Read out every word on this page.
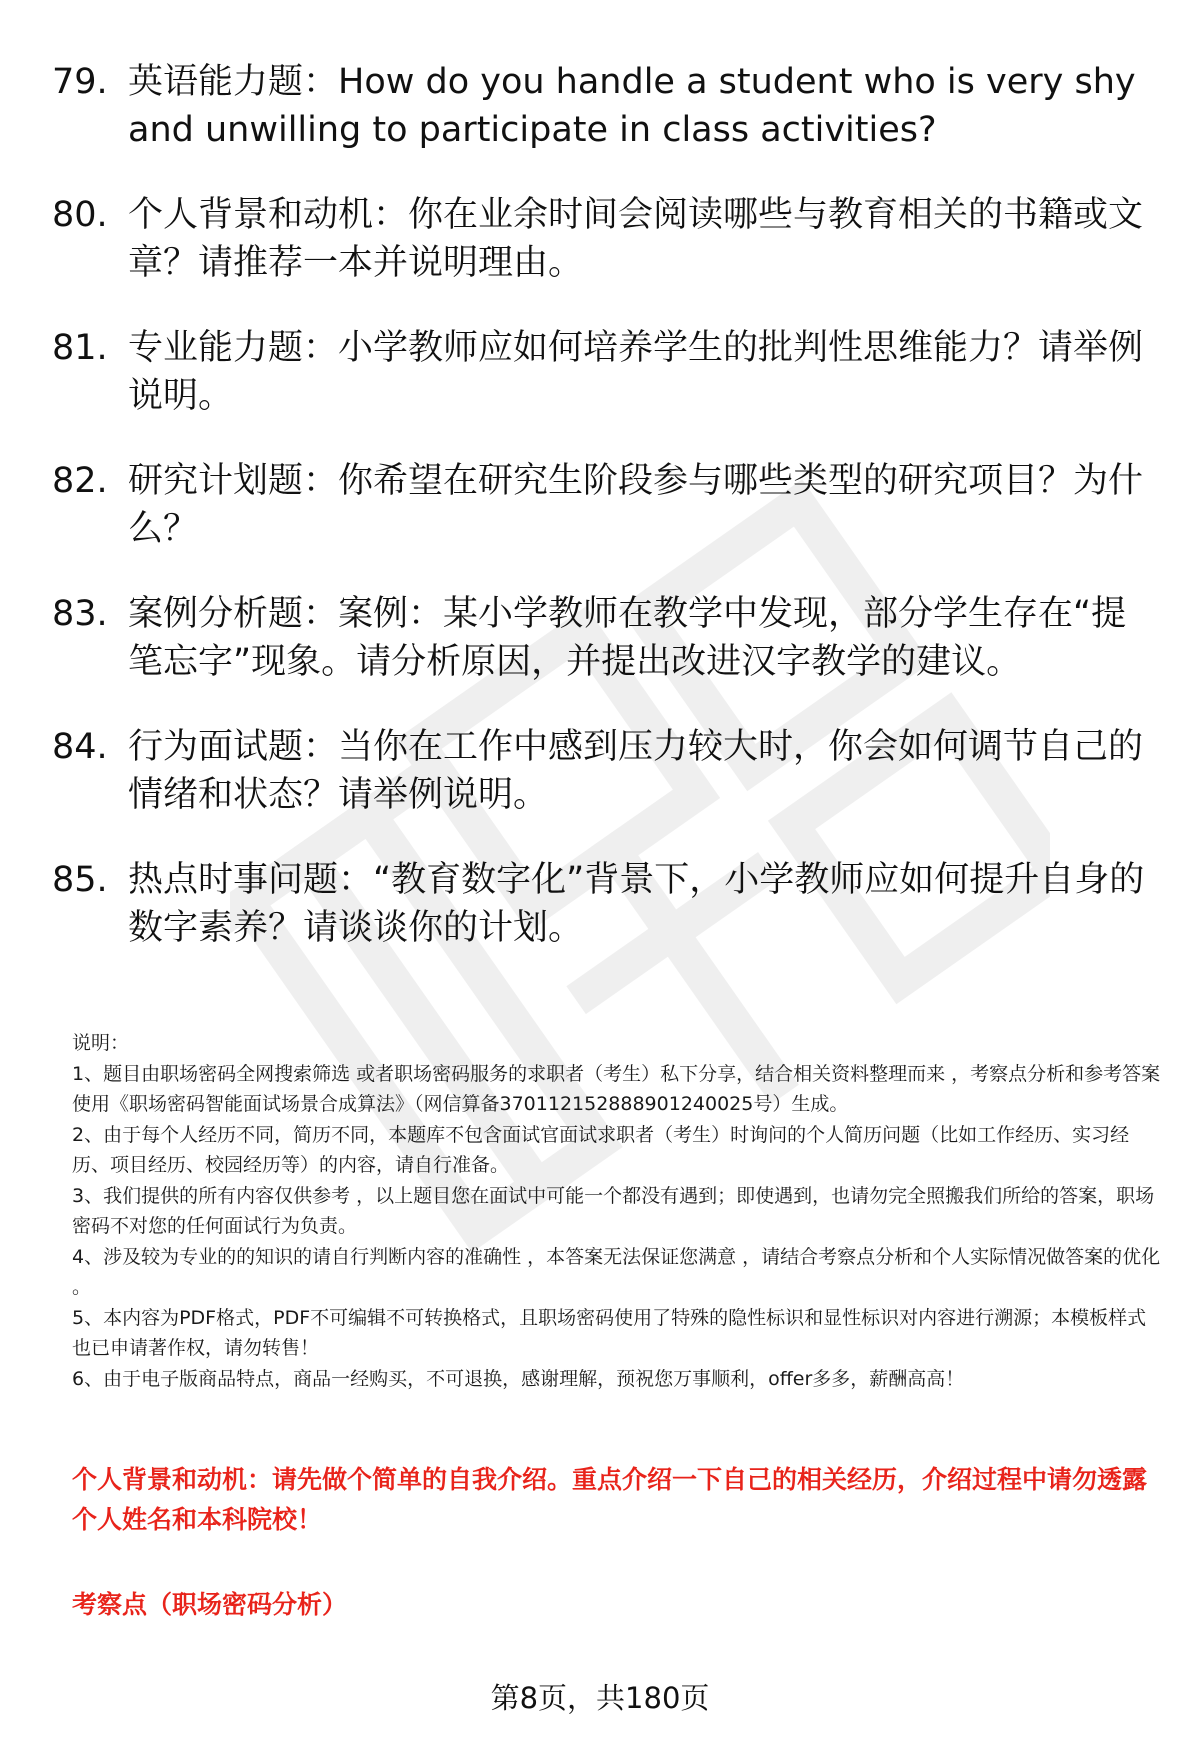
79. 英语能力题：How do you handle a student who is very shy and unwilling to participate in class activities?
80. 个人背景和动机：你在业余时间会阅读哪些与教育相关的书籍或文章？请推荐一本并说明理由。
81. 专业能力题：小学教师应如何培养学生的批判性思维能力？请举例说明。
82. 研究计划题：你希望在研究生阶段参与哪些类型的研究项目？为什么？
83. 案例分析题：案例：某小学教师在教学中发现，部分学生存在“提笔忘字”现象。请分析原因，并提出改进汉字教学的建议。
84. 行为面试题：当你在工作中感到压力较大时，你会如何调节自己的情绪和状态？请举例说明。
85. 热点时事问题：“教育数字化”背景下，小学教师应如何提升自身的数字素养？请谈谈你的计划。

说明：

1、题目由职场密码全网搜索筛选 或者职场密码服务的求职者（考生）私下分享，结合相关资料整理而来 ，考察点分析和参考答案使用《职场密码智能面试场景合成算法》（网信算备370112152888901240025号）生成。

2、由于每个人经历不同，简历不同，本题库不包含面试官面试求职者（考生）时询问的个人简历问题（比如工作经历、实习经历、项目经历、校园经历等）的内容，请自行准备。

3、我们提供的所有内容仅供参考 ，以上题目您在面试中可能一个都没有遇到；即使遇到，也请勿完全照搬我们所给的答案，职场密码不对您的任何面试行为负责。

4、涉及较为专业的的知识的请自行判断内容的准确性 ，本答案无法保证您满意 ，请结合考察点分析和个人实际情况做答案的优化 。

5、本内容为PDF格式，PDF不可编辑不可转换格式，且职场密码使用了特殊的隐性标识和显性标识对内容进行溯源；本模板样式也已申请著作权，请勿转售！

6、由于电子版商品特点，商品一经购买，不可退换，感谢理解，预祝您万事顺利，offer多多，薪酬高高！

个人背景和动机：请先做个简单的自我介绍。重点介绍一下自己的相关经历，介绍过程中请勿透露个人姓名和本科院校！

考察点（职场密码分析）
第8页，共180页
